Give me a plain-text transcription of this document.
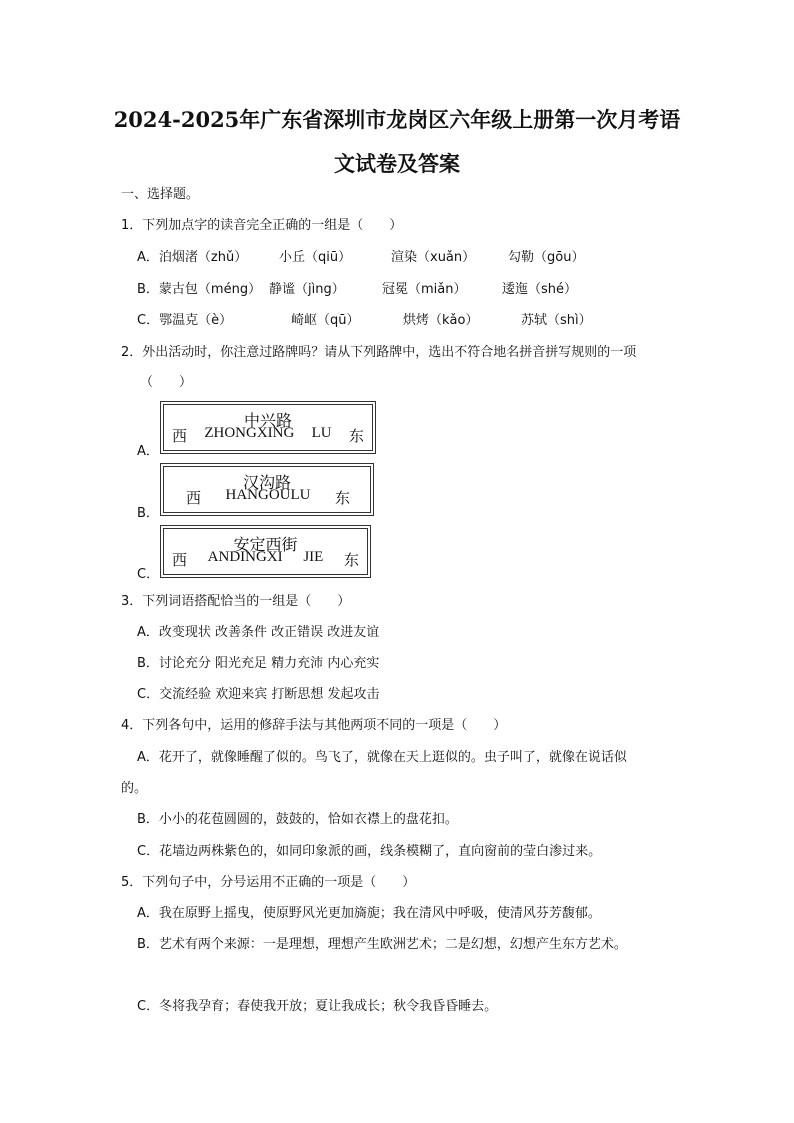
2024-2025年广东省深圳市龙岗区六年级上册第一次月考语
文试卷及答案

一、选择题。

1．下列加点字的读音完全正确的一组是（　　）

A．泊烟渚（zhǔ） 小丘（qiū）	渲染（xuǎn）	勾勒（gōu）
B．蒙古包（méng） 静谧（jìng）	冠冕（miǎn）	逶迤（shé）
C．鄂温克（è）	崎岖（qū）	烘烤（kǎo）	苏轼（shì）

2．外出活动时，你注意过路牌吗？请从下列路牌中，选出不符合地名拼音拼写规则的一项

（　　）

A．
中兴路
西 ZHONGXING LU 东
B．
汉沟路
西 HANGOULU 东
C．
安定西街
西 ANDINGXI JIE 东

3．下列词语搭配恰当的一组是（　　）

A．改变现状 改善条件 改正错误 改进友谊

B．讨论充分 阳光充足 精力充沛 内心充实

C．交流经验 欢迎来宾 打断思想 发起攻击

4．下列各句中，运用的修辞手法与其他两项不同的一项是（　　）

A．花开了，就像睡醒了似的。鸟飞了，就像在天上逛似的。虫子叫了，就像在说话似

的。

B．小小的花苞圆圆的，鼓鼓的，恰如衣襟上的盘花扣。

C．花墙边两株紫色的，如同印象派的画，线条模糊了，直向窗前的莹白渗过来。

5．下列句子中，分号运用不正确的一项是（　　）

A．我在原野上摇曳，使原野风光更加旖旎；我在清风中呼吸，使清风芬芳馥郁。

B．艺术有两个来源：一是理想，理想产生欧洲艺术；二是幻想，幻想产生东方艺术。

C．冬将我孕育；春使我开放；夏让我成长；秋令我昏昏睡去。
